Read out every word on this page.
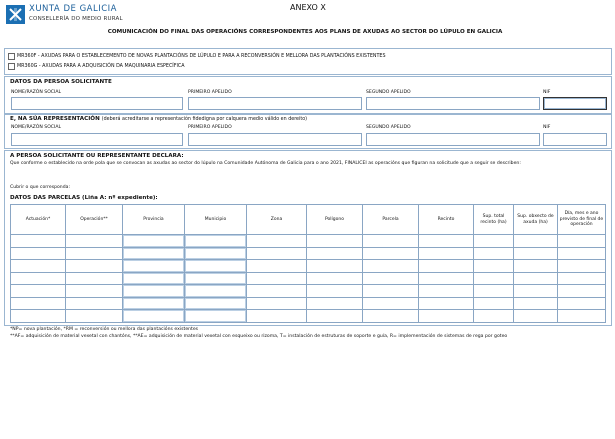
XUNTA DE GALICIA
CONSELLERÍA DO MEDIO RURAL
ANEXO X
COMUNICACIÓN DO FINAL DAS OPERACIÓNS CORRESPONDENTES AOS PLANS DE AXUDAS AO SECTOR DO LÚPULO EN GALICIA
MR360F - AXUDAS PARA O ESTABLECEMENTO DE NOVAS PLANTACIÓNS DE LÚPULO E PARA A RECONVERSIÓN E MELLORA DAS PLANTACIÓNS EXISTENTES
MR360G - AXUDAS PARA A ADQUISICIÓN DA MAQUINARIA ESPECÍFICA
DATOS DA PERSOA SOLICITANTE
NOME/RAZÓN SOCIAL	PRIMEIRO APELIDO	SEGUNDO APELIDO	NIF
E, NA SÚA REPRESENTACIÓN (deberá acreditarse a representación fidedigna por calquera medio válido en dereito)
NOME/RAZÓN SOCIAL	PRIMEIRO APELIDO	SEGUNDO APELIDO	NIF
A PERSOA SOLICITANTE OU REPRESENTANTE DECLARA:
Que conforme o establecido na orde pola que se convocan as axudas ao sector do lúpulo na Comunidade Autónoma de Galicia para o ano 2021, FINALICEI as operacións que figuran na solicitude que a seguir se describen:
Cubrir o que corresponda:
DATOS DAS PARCELAS (Liña A: nº expediente):
Actuación*	Operación**	Provincia	Municipio	Zona	Polígono	Parcela	Recinto	Sup. total recinto (ha)	Sup. obxecto de axuda (ha)	Día, mes e ano previsto de final de operación

*NP= nova plantación, *RM = reconversión ou mellora das plantacións existentes
**AF= adquisición de material vexetal con chantóns, **AE= adquisición de material vexetal con esqueixo ou rizoma, T= instalación de estruturas de soporte e guía, R= implementación de sistemas de rega por goteo
